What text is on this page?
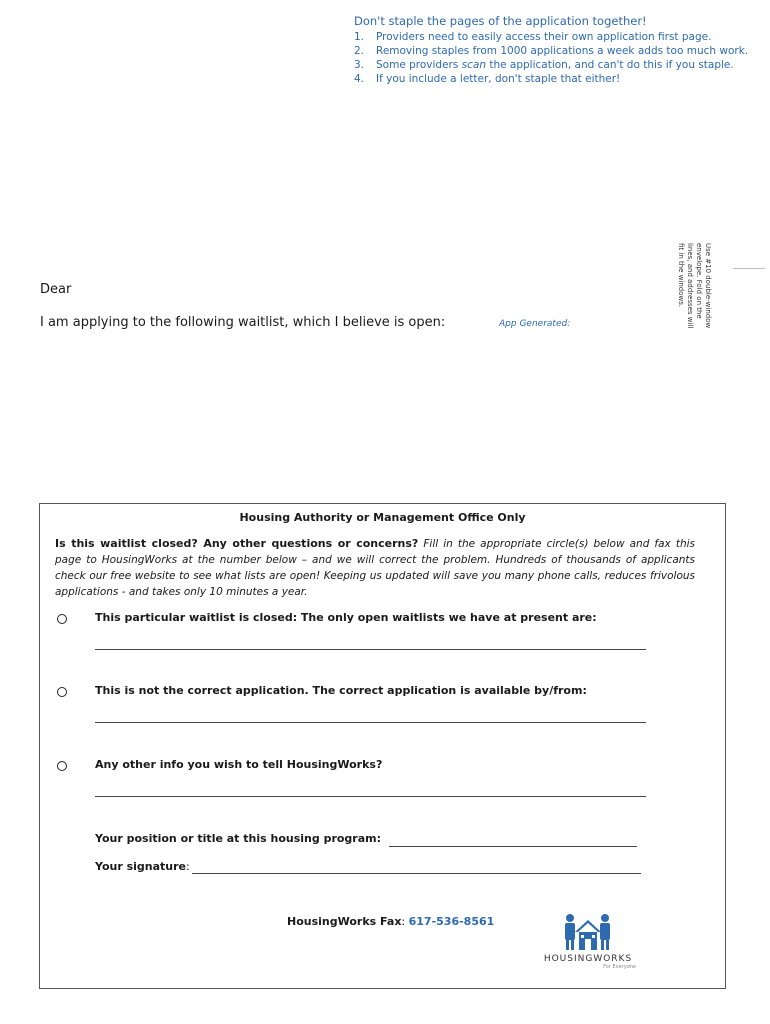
Don't staple the pages of the application together!
1.	Providers need to easily access their own application first page.
2.	Removing staples from 1000 applications a week adds too much work.
3.	Some providers scan the application, and can't do this if you staple.
4.	If you include a letter, don't staple that either!
Use #10 double-window envelope. Fold on the lines, and addresses will fit in the windows.
Dear
I am applying to the following waitlist, which I believe is open:	App Generated:
Housing Authority or Management Office Only
Is this waitlist closed? Any other questions or concerns? Fill in the appropriate circle(s) below and fax this page to HousingWorks at the number below – and we will correct the problem. Hundreds of thousands of applicants check our free website to see what lists are open! Keeping us updated will save you many phone calls, reduces frivolous applications - and takes only 10 minutes a year.
This particular waitlist is closed: The only open waitlists we have at present are:
This is not the correct application. The correct application is available by/from:
Any other info you wish to tell HousingWorks?
Your position or title at this housing program:
Your signature:
HousingWorks Fax: 617-536-8561
HOUSINGWORKS
For Everyone
